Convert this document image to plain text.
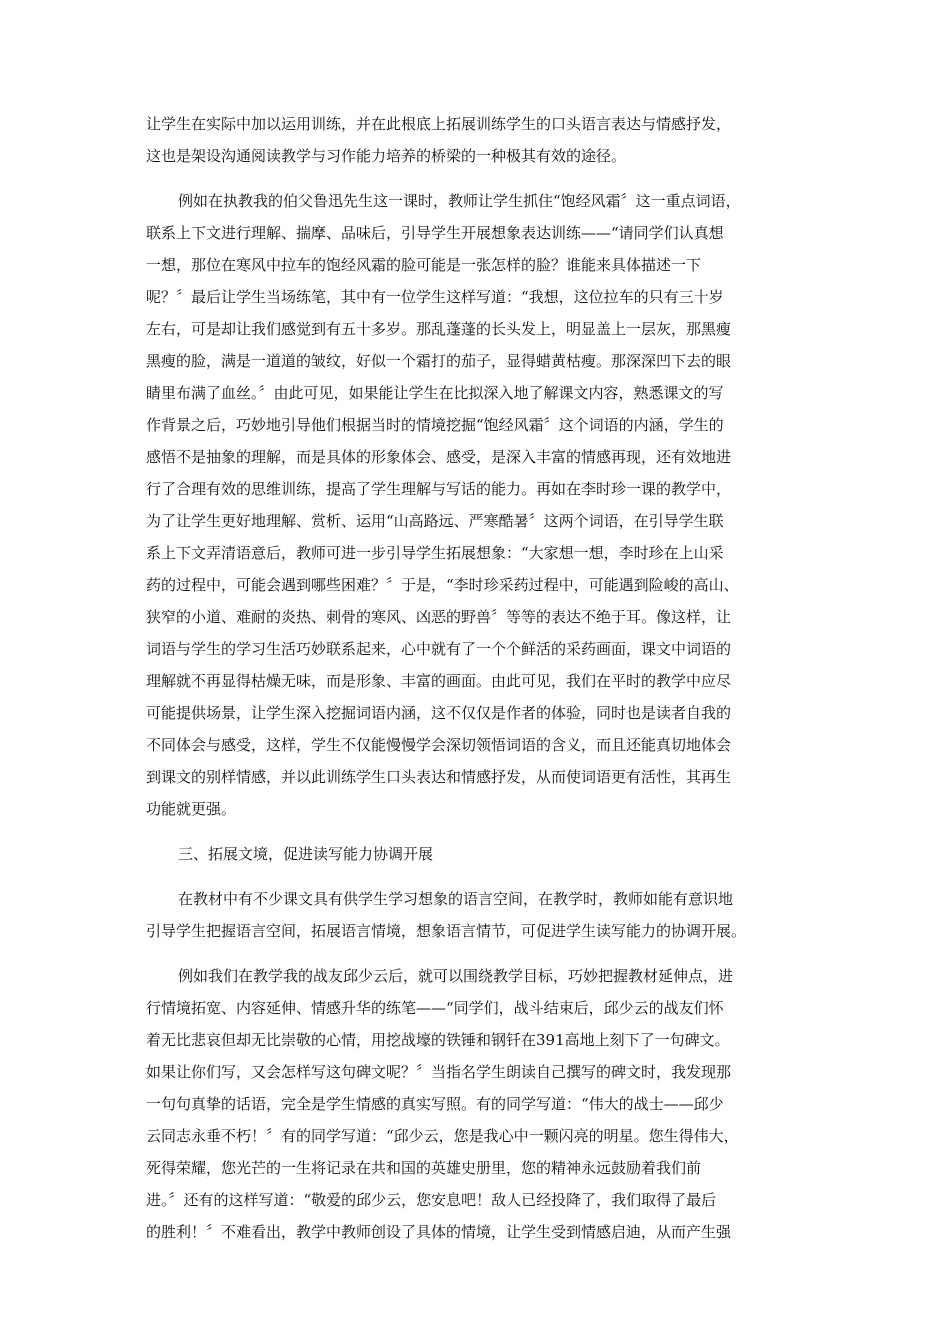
让学生在实际中加以运用训练，并在此根底上拓展训练学生的口头语言表达与情感抒发，
这也是架设沟通阅读教学与习作能力培养的桥梁的一种极其有效的途径。
例如在执教我的伯父鲁迅先生这一课时，教师让学生抓住“饱经风霜〞这一重点词语，
联系上下文进行理解、揣摩、品味后，引导学生开展想象表达训练——“请同学们认真想
一想，那位在寒风中拉车的饱经风霜的脸可能是一张怎样的脸？谁能来具体描述一下
呢？〞最后让学生当场练笔，其中有一位学生这样写道：“我想，这位拉车的只有三十岁
左右，可是却让我们感觉到有五十多岁。那乱蓬蓬的长头发上，明显盖上一层灰，那黑瘦
黑瘦的脸，满是一道道的皱纹，好似一个霜打的茄子，显得蜡黄枯瘦。那深深凹下去的眼
睛里布满了血丝。〞由此可见，如果能让学生在比拟深入地了解课文内容，熟悉课文的写
作背景之后，巧妙地引导他们根据当时的情境挖掘“饱经风霜〞这个词语的内涵，学生的
感悟不是抽象的理解，而是具体的形象体会、感受，是深入丰富的情感再现，还有效地进
行了合理有效的思维训练，提高了学生理解与写话的能力。再如在李时珍一课的教学中，
为了让学生更好地理解、赏析、运用“山高路远、严寒酷暑〞这两个词语，在引导学生联
系上下文弄清语意后，教师可进一步引导学生拓展想象：“大家想一想，李时珍在上山采
药的过程中，可能会遇到哪些困难？〞于是，“李时珍采药过程中，可能遇到险峻的高山、
狭窄的小道、难耐的炎热、刺骨的寒风、凶恶的野兽〞等等的表达不绝于耳。像这样，让
词语与学生的学习生活巧妙联系起来，心中就有了一个个鲜活的采药画面，课文中词语的
理解就不再显得枯燥无味，而是形象、丰富的画面。由此可见，我们在平时的教学中应尽
可能提供场景，让学生深入挖掘词语内涵，这不仅仅是作者的体验，同时也是读者自我的
不同体会与感受，这样，学生不仅能慢慢学会深切领悟词语的含义，而且还能真切地体会
到课文的别样情感，并以此训练学生口头表达和情感抒发，从而使词语更有活性，其再生
功能就更强。
三、拓展文境，促进读写能力协调开展
在教材中有不少课文具有供学生学习想象的语言空间，在教学时，教师如能有意识地
引导学生把握语言空间，拓展语言情境，想象语言情节，可促进学生读写能力的协调开展。
例如我们在教学我的战友邱少云后，就可以围绕教学目标，巧妙把握教材延伸点，进
行情境拓宽、内容延伸、情感升华的练笔——“同学们，战斗结束后，邱少云的战友们怀
着无比悲哀但却无比崇敬的心情，用挖战壕的铁锤和钢钎在391高地上刻下了一句碑文。
如果让你们写，又会怎样写这句碑文呢？〞当指名学生朗读自己撰写的碑文时，我发现那
一句句真挚的话语，完全是学生情感的真实写照。有的同学写道：“伟大的战士——邱少
云同志永垂不朽！〞有的同学写道：“邱少云，您是我心中一颗闪亮的明星。您生得伟大，
死得荣耀，您光芒的一生将记录在共和国的英雄史册里，您的精神永远鼓励着我们前
进。〞还有的这样写道：“敬爱的邱少云，您安息吧！敌人已经投降了，我们取得了最后
的胜利！〞不难看出，教学中教师创设了具体的情境，让学生受到情感启迪，从而产生强
